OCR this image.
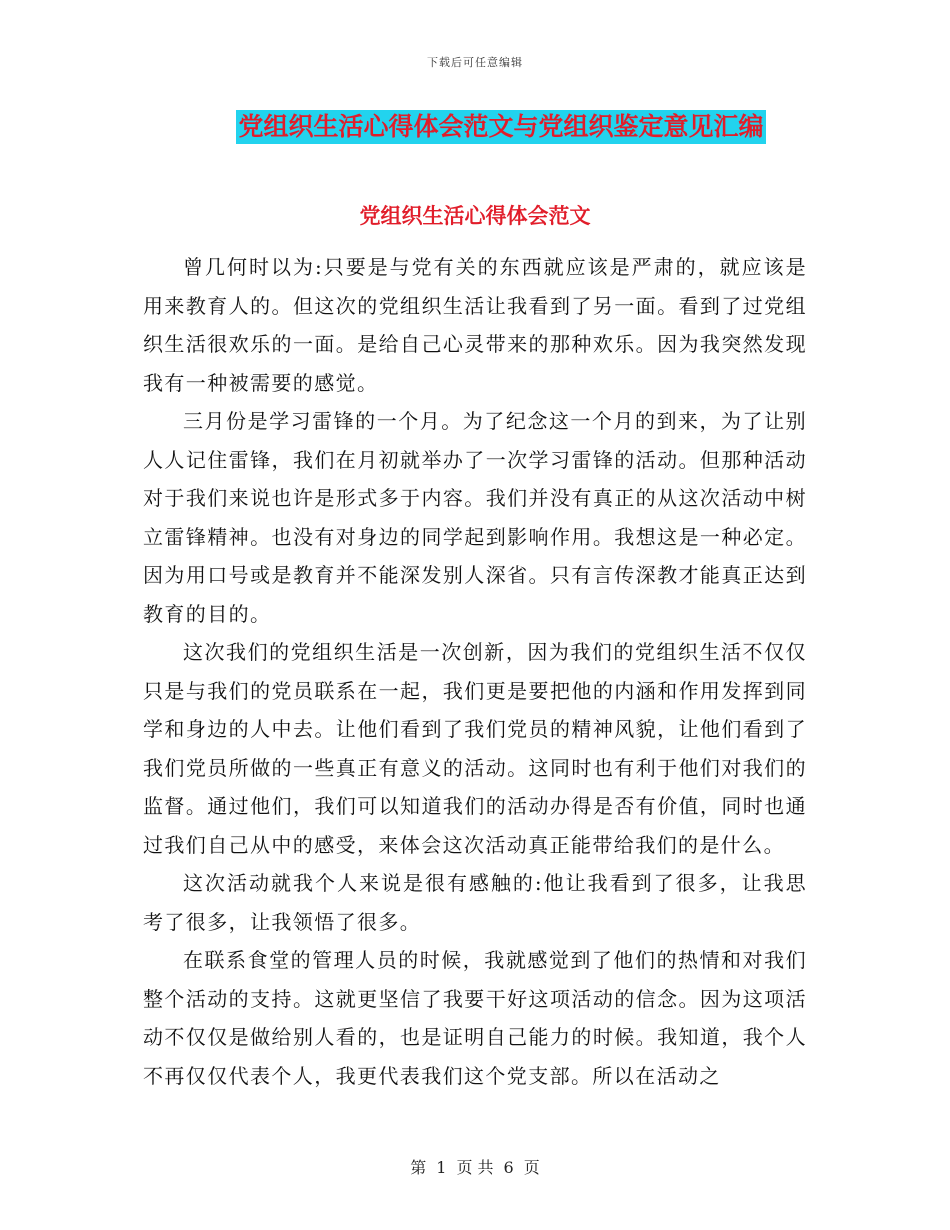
下载后可任意编辑
党组织生活心得体会范文与党组织鉴定意见汇编
党组织生活心得体会范文

曾几何时以为:只要是与党有关的东西就应该是严肃的，就应该是用来教育人的。但这次的党组织生活让我看到了另一面。看到了过党组织生活很欢乐的一面。是给自己心灵带来的那种欢乐。因为我突然发现我有一种被需要的感觉。

三月份是学习雷锋的一个月。为了纪念这一个月的到来，为了让别人人记住雷锋，我们在月初就举办了一次学习雷锋的活动。但那种活动对于我们来说也许是形式多于内容。我们并没有真正的从这次活动中树立雷锋精神。也没有对身边的同学起到影响作用。我想这是一种必定。因为用口号或是教育并不能深发别人深省。只有言传深教才能真正达到教育的目的。

这次我们的党组织生活是一次创新，因为我们的党组织生活不仅仅只是与我们的党员联系在一起，我们更是要把他的内涵和作用发挥到同学和身边的人中去。让他们看到了我们党员的精神风貌，让他们看到了我们党员所做的一些真正有意义的活动。这同时也有利于他们对我们的监督。通过他们，我们可以知道我们的活动办得是否有价值，同时也通过我们自己从中的感受，来体会这次活动真正能带给我们的是什么。

这次活动就我个人来说是很有感触的:他让我看到了很多，让我思考了很多，让我领悟了很多。

在联系食堂的管理人员的时候，我就感觉到了他们的热情和对我们整个活动的支持。这就更坚信了我要干好这项活动的信念。因为这项活动不仅仅是做给别人看的，也是证明自己能力的时候。我知道，我个人不再仅仅代表个人，我更代表我们这个党支部。所以在活动之

第 1 页 共 6 页
